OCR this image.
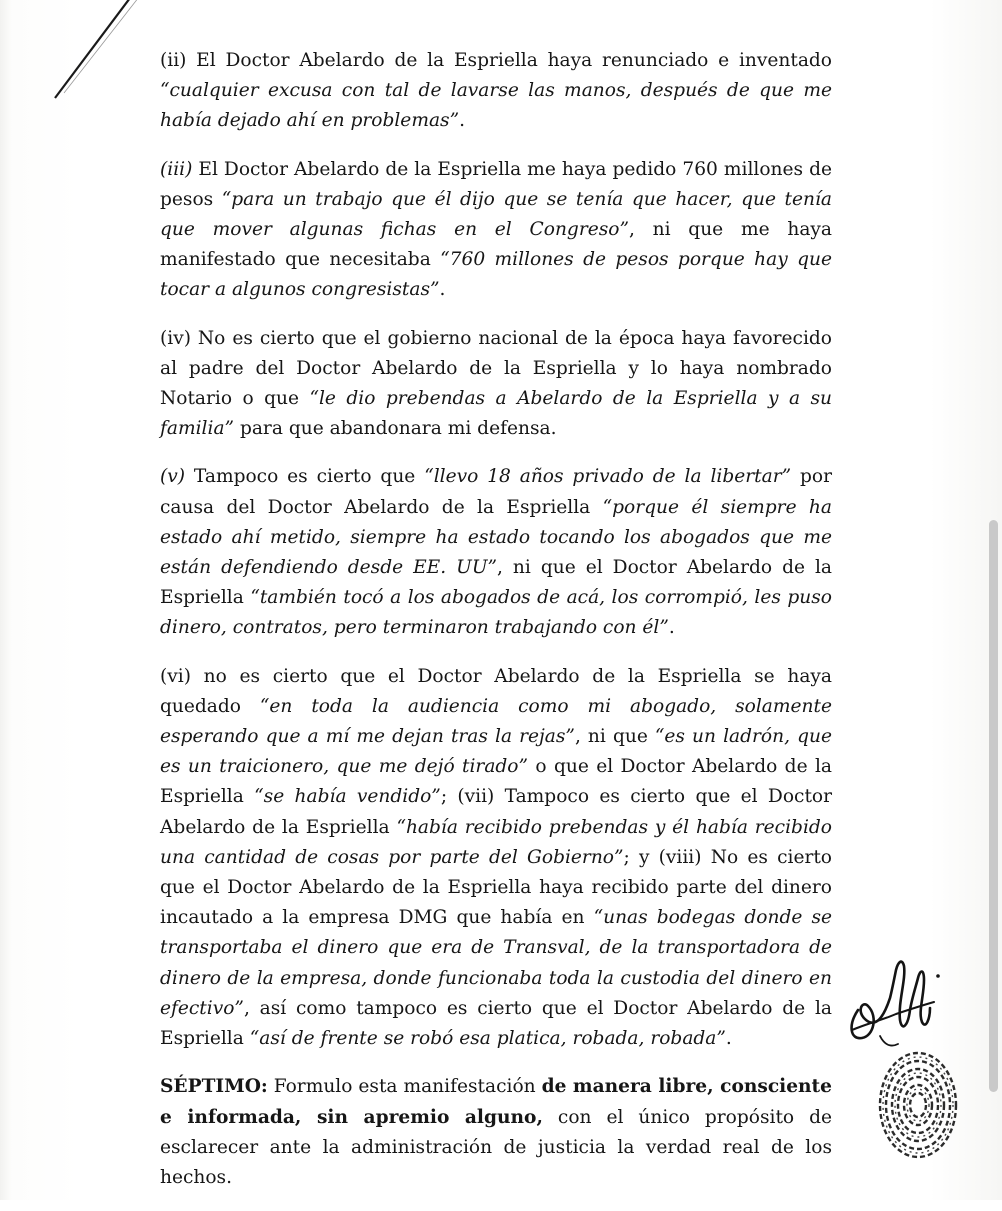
(ii) El Doctor Abelardo de la Espriella haya renunciado e inventado “cualquier excusa con tal de lavarse las manos, después de que me había dejado ahí en problemas”.

(iii) El Doctor Abelardo de la Espriella me haya pedido 760 millones de pesos “para un trabajo que él dijo que se tenía que hacer, que tenía que mover algunas fichas en el Congreso”, ni que me haya manifestado que necesitaba “760 millones de pesos porque hay que tocar a algunos congresistas”.

(iv) No es cierto que el gobierno nacional de la época haya favorecido al padre del Doctor Abelardo de la Espriella y lo haya nombrado Notario o que “le dio prebendas a Abelardo de la Espriella y a su familia” para que abandonara mi defensa.

(v) Tampoco es cierto que “llevo 18 años privado de la libertar” por causa del Doctor Abelardo de la Espriella “porque él siempre ha estado ahí metido, siempre ha estado tocando los abogados que me están defendiendo desde EE. UU”, ni que el Doctor Abelardo de la Espriella “también tocó a los abogados de acá, los corrompió, les puso dinero, contratos, pero terminaron trabajando con él”.

(vi) no es cierto que el Doctor Abelardo de la Espriella se haya quedado “en toda la audiencia como mi abogado, solamente esperando que a mí me dejan tras la rejas”, ni que “es un ladrón, que es un traicionero, que me dejó tirado” o que el Doctor Abelardo de la Espriella “se había vendido”; (vii) Tampoco es cierto que el Doctor Abelardo de la Espriella “había recibido prebendas y él había recibido una cantidad de cosas por parte del Gobierno”; y (viii) No es cierto que el Doctor Abelardo de la Espriella haya recibido parte del dinero incautado a la empresa DMG que había en “unas bodegas donde se transportaba el dinero que era de Transval, de la transportadora de dinero de la empresa, donde funcionaba toda la custodia del dinero en efectivo”, así como tampoco es cierto que el Doctor Abelardo de la Espriella “así de frente se robó esa platica, robada, robada”.

SÉPTIMO: Formulo esta manifestación de manera libre, consciente e informada, sin apremio alguno, con el único propósito de esclarecer ante la administración de justicia la verdad real de los hechos.
